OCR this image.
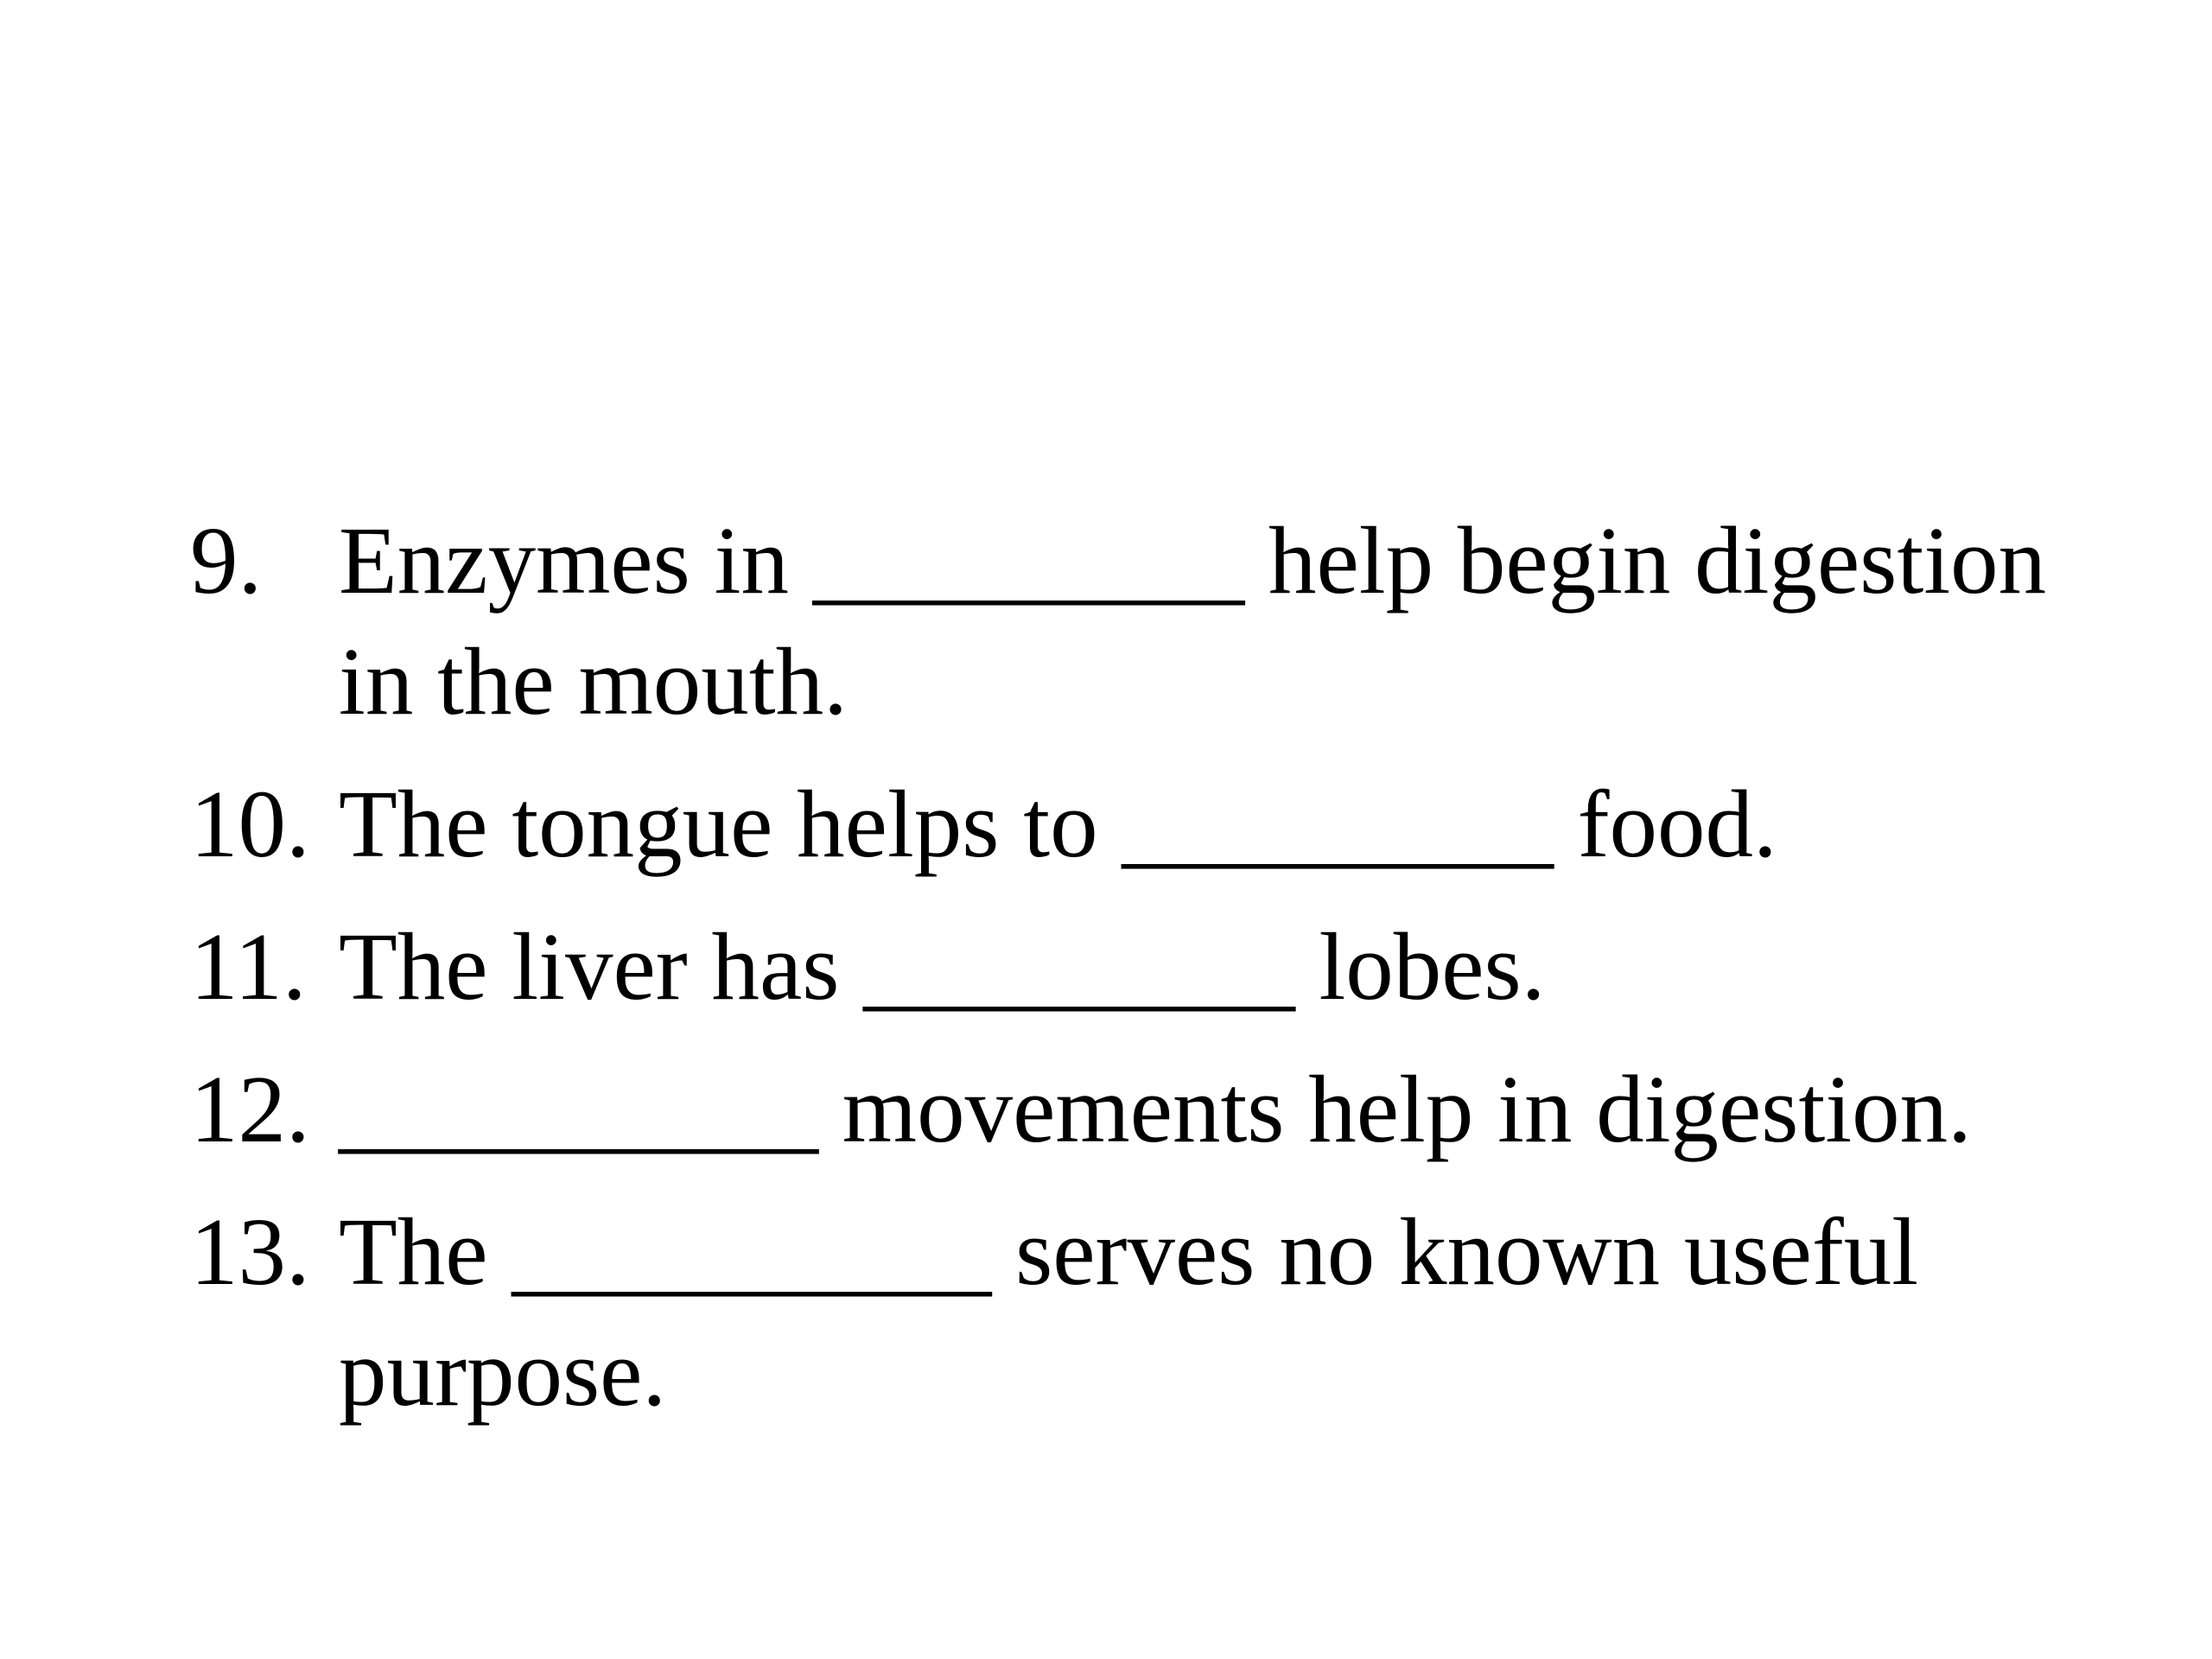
9. Enzymes in _________ help begin digestion in the mouth.
10. The tongue helps to _________ food.
11. The liver has _________ lobes.
12. __________ movements help in digestion.
13. The __________ serves no known useful purpose.
